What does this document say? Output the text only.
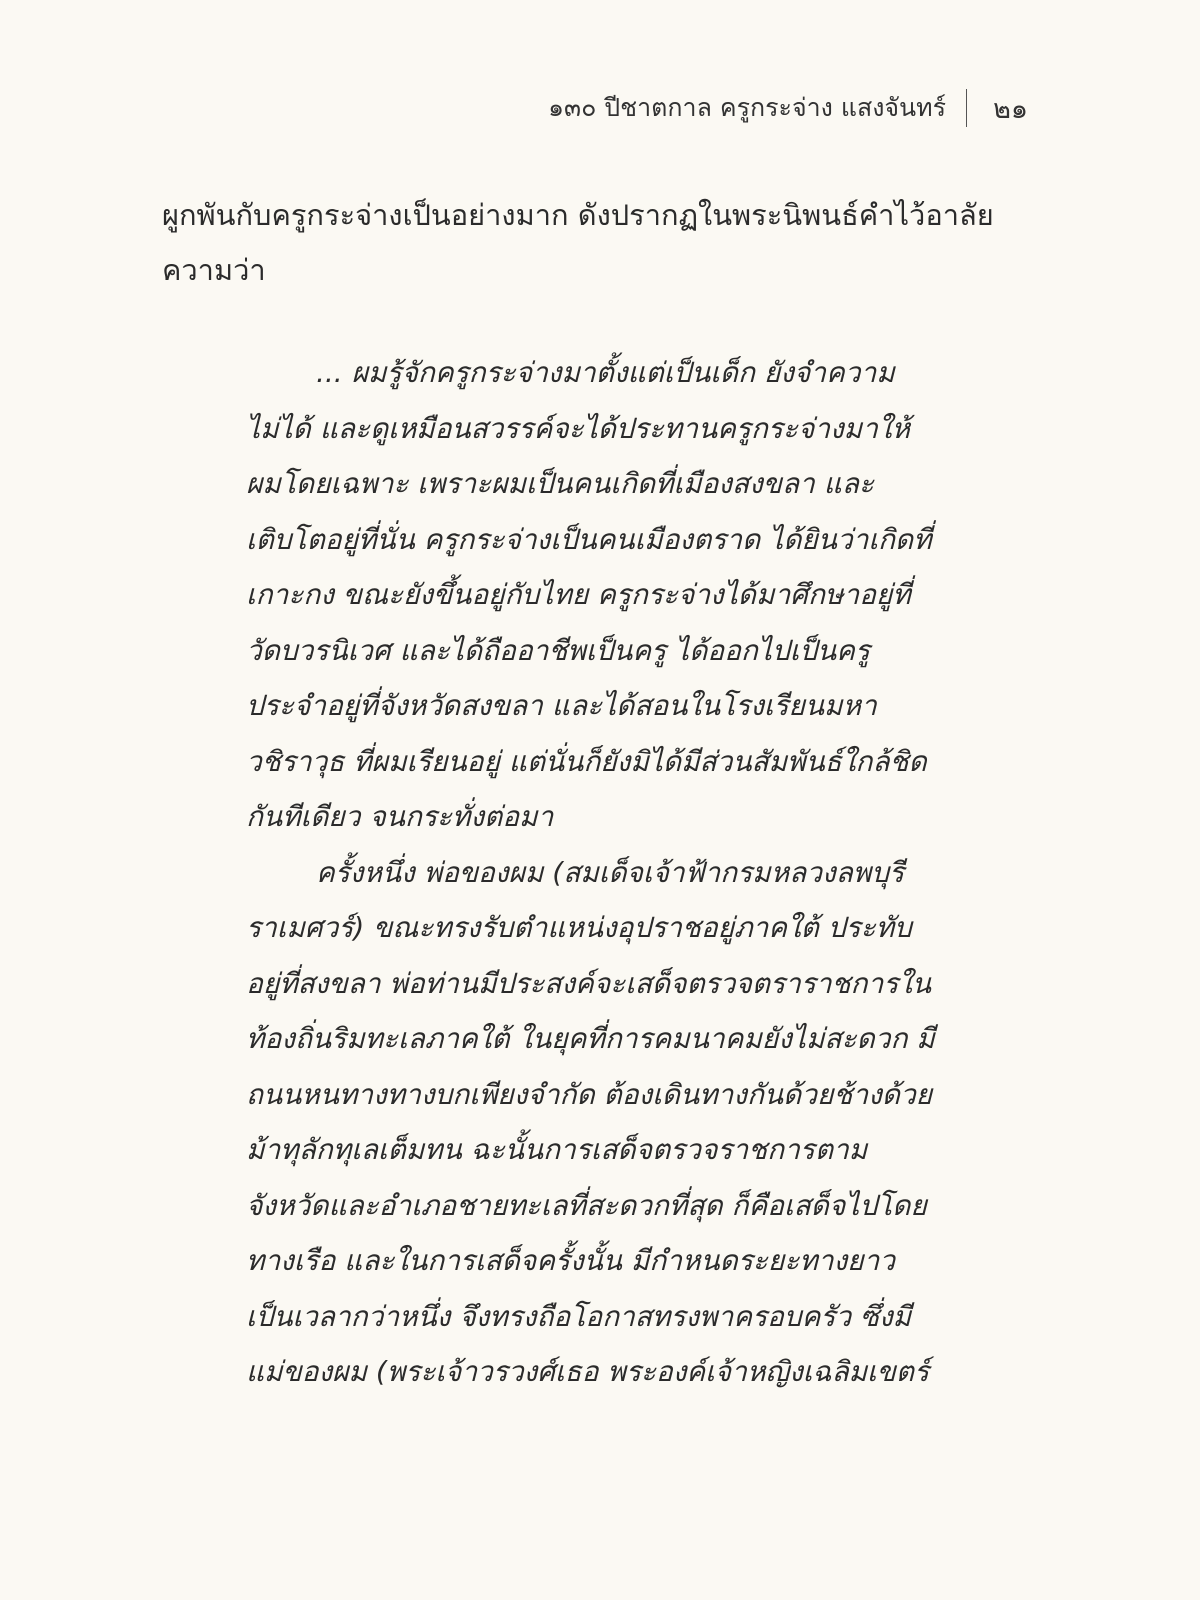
๑๓๐ ปีชาตกาล ครูกระจ่าง แสงจันทร์ ๒๑
ผูกพันกับครูกระจ่างเป็นอย่างมาก ดังปรากฏในพระนิพนธ์คำไว้อาลัย
ความว่า
... ผมรู้จักครูกระจ่างมาตั้งแต่เป็นเด็ก ยังจำความ
ไม่ได้ และดูเหมือนสวรรค์จะได้ประทานครูกระจ่างมาให้
ผมโดยเฉพาะ เพราะผมเป็นคนเกิดที่เมืองสงขลา และ
เติบโตอยู่ที่นั่น ครูกระจ่างเป็นคนเมืองตราด ได้ยินว่าเกิดที่
เกาะกง ขณะยังขึ้นอยู่กับไทย ครูกระจ่างได้มาศึกษาอยู่ที่
วัดบวรนิเวศ และได้ถืออาชีพเป็นครู ได้ออกไปเป็นครู
ประจำอยู่ที่จังหวัดสงขลา และได้สอนในโรงเรียนมหา
วชิราวุธ ที่ผมเรียนอยู่ แต่นั่นก็ยังมิได้มีส่วนสัมพันธ์ใกล้ชิด
กันทีเดียว จนกระทั่งต่อมา
ครั้งหนึ่ง พ่อของผม (สมเด็จเจ้าฟ้ากรมหลวงลพบุรี
ราเมศวร์) ขณะทรงรับตำแหน่งอุปราชอยู่ภาคใต้ ประทับ
อยู่ที่สงขลา พ่อท่านมีประสงค์จะเสด็จตรวจตราราชการใน
ท้องถิ่นริมทะเลภาคใต้ ในยุคที่การคมนาคมยังไม่สะดวก มี
ถนนหนทางทางบกเพียงจำกัด ต้องเดินทางกันด้วยช้างด้วย
ม้าทุลักทุเลเต็มทน ฉะนั้นการเสด็จตรวจราชการตาม
จังหวัดและอำเภอชายทะเลที่สะดวกที่สุด ก็คือเสด็จไปโดย
ทางเรือ และในการเสด็จครั้งนั้น มีกำหนดระยะทางยาว
เป็นเวลากว่าหนึ่ง จึงทรงถือโอกาสทรงพาครอบครัว ซึ่งมี
แม่ของผม (พระเจ้าวรวงศ์เธอ พระองค์เจ้าหญิงเฉลิมเขตร์
